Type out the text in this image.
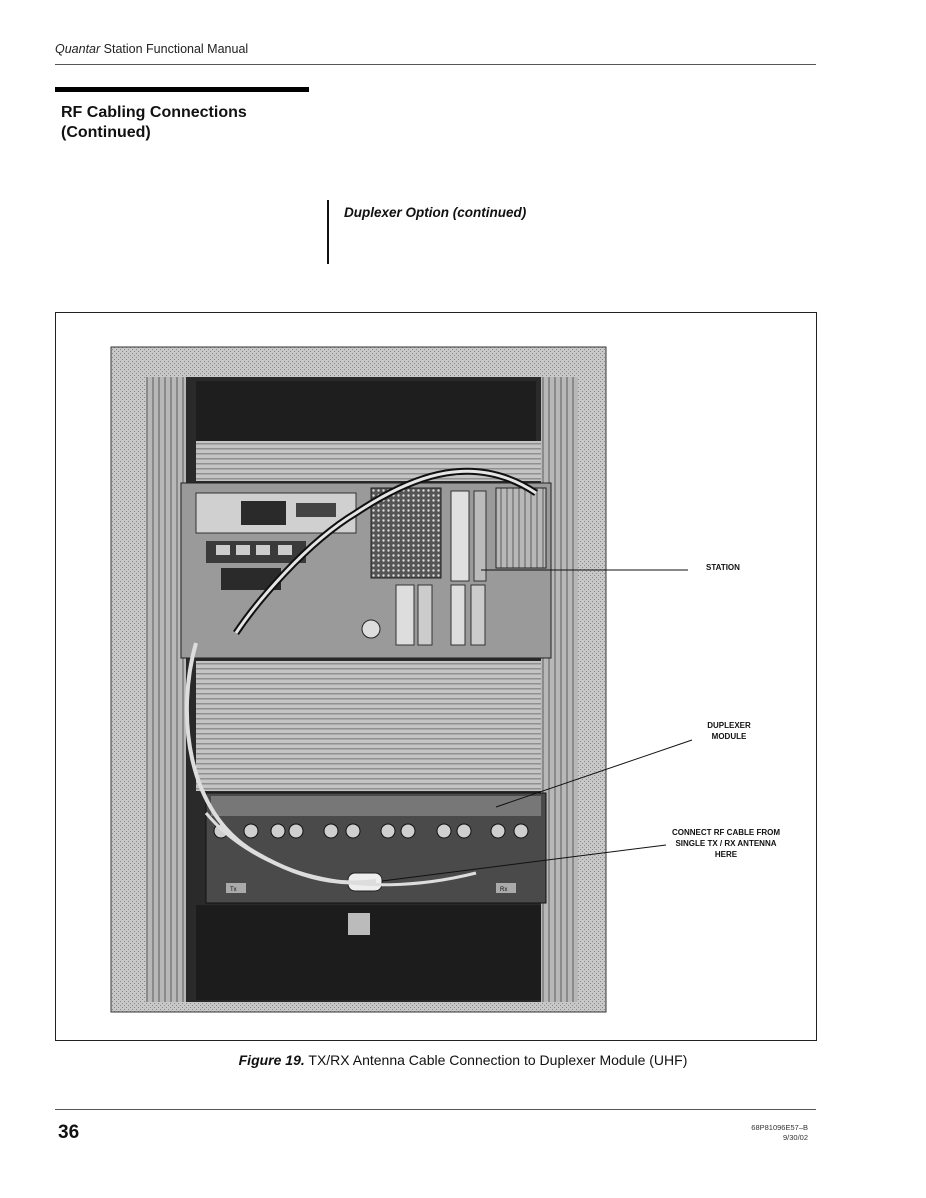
Quantar Station Functional Manual
RF Cabling Connections
(Continued)
Duplexer Option (continued)
Tx	Rx
STATION
DUPLEXER
MODULE
CONNECT RF CABLE FROM
SINGLE TX / RX ANTENNA
HERE
Figure 19. TX/RX Antenna Cable Connection to Duplexer Module (UHF)
36	68P81096E57–B
9/30/02
